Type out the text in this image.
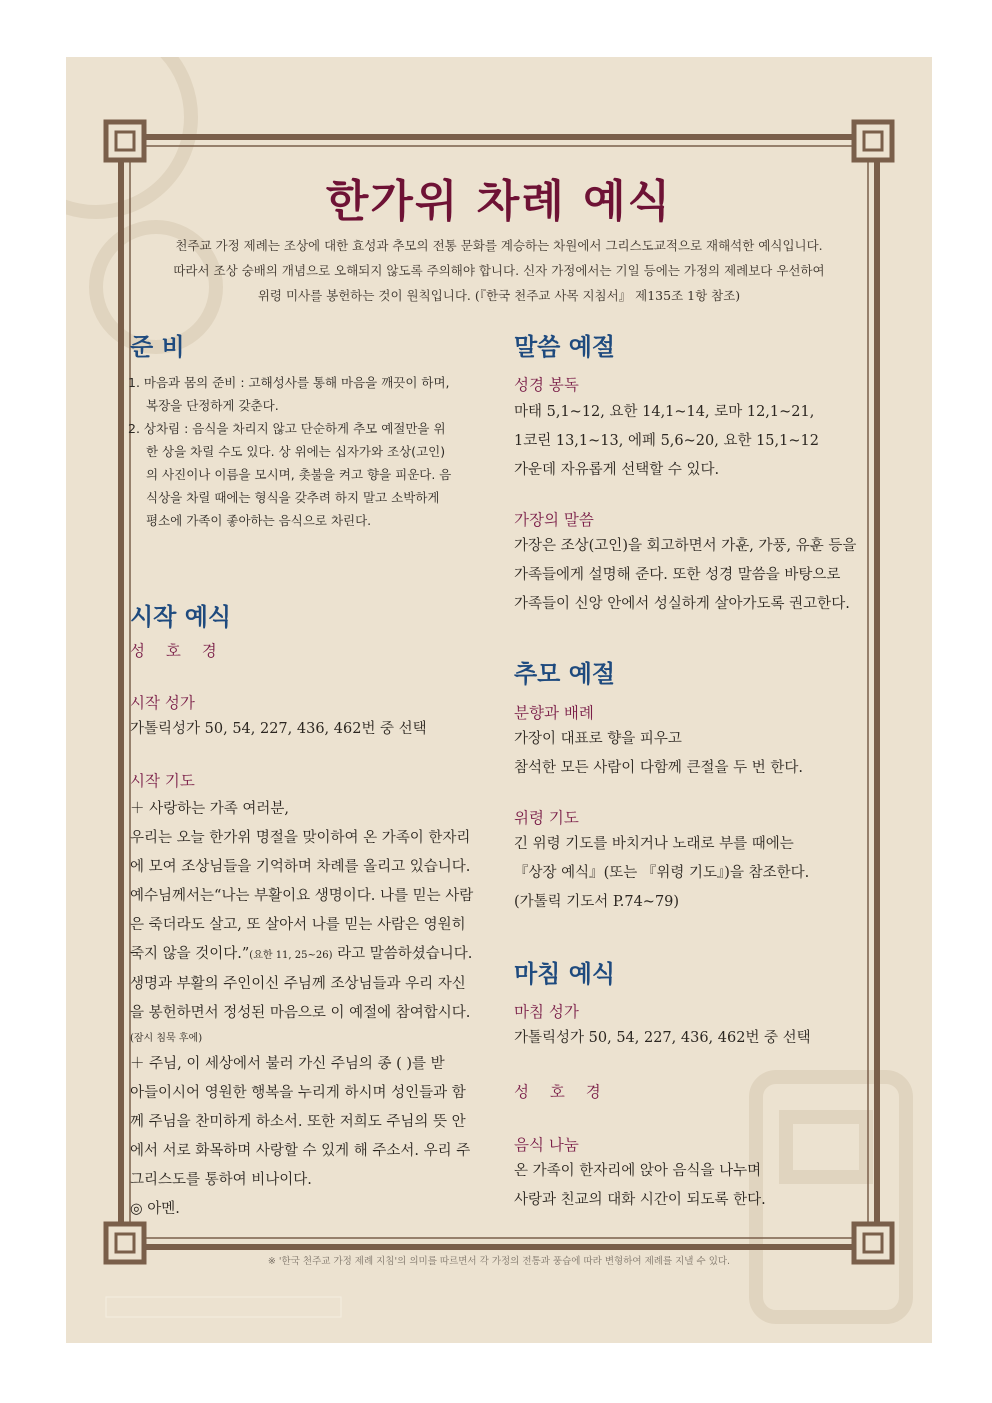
한가위 차례 예식
천주교 가정 제례는 조상에 대한 효성과 추모의 전통 문화를 계승하는 차원에서 그리스도교적으로 재해석한 예식입니다.
따라서 조상 숭배의 개념으로 오해되지 않도록 주의해야 합니다. 신자 가정에서는 기일 등에는 가정의 제례보다 우선하여
위령 미사를 봉헌하는 것이 원칙입니다. (『한국 천주교 사목 지침서』 제135조 1항 참조)
준 비
1. 마음과 몸의 준비 : 고해성사를 통해 마음을 깨끗이 하며,
복장을 단정하게 갖춘다.
2. 상차림 : 음식을 차리지 않고 단순하게 추모 예절만을 위
한 상을 차릴 수도 있다. 상 위에는 십자가와 조상(고인)
의 사진이나 이름을 모시며, 촛불을 켜고 향을 피운다. 음
식상을 차릴 때에는 형식을 갖추려 하지 말고 소박하게
평소에 가족이 좋아하는 음식으로 차린다.
시작 예식
성 호 경
시작 성가
가톨릭성가 50, 54, 227, 436, 462번 중 선택
시작 기도
＋ 사랑하는 가족 여러분,
우리는 오늘 한가위 명절을 맞이하여 온 가족이 한자리
에 모여 조상님들을 기억하며 차례를 올리고 있습니다.
예수님께서는“나는 부활이요 생명이다. 나를 믿는 사람
은 죽더라도 살고, 또 살아서 나를 믿는 사람은 영원히
죽지 않을 것이다.”(요한 11, 25~26) 라고 말씀하셨습니다.
생명과 부활의 주인이신 주님께 조상님들과 우리 자신
을 봉헌하면서 정성된 마음으로 이 예절에 참여합시다.
(잠시 침묵 후에)
＋ 주님, 이 세상에서 불러 가신 주님의 종 ( )를 받
아들이시어 영원한 행복을 누리게 하시며 성인들과 함
께 주님을 찬미하게 하소서. 또한 저희도 주님의 뜻 안
에서 서로 화목하며 사랑할 수 있게 해 주소서. 우리 주
그리스도를 통하여 비나이다.
◎ 아멘.
말씀 예절
성경 봉독
마태 5,1~12, 요한 14,1~14, 로마 12,1~21,
1코린 13,1~13, 에페 5,6~20, 요한 15,1~12
가운데 자유롭게 선택할 수 있다.
가장의 말씀
가장은 조상(고인)을 회고하면서 가훈, 가풍, 유훈 등을
가족들에게 설명해 준다. 또한 성경 말씀을 바탕으로
가족들이 신앙 안에서 성실하게 살아가도록 권고한다.
추모 예절
분향과 배례
가장이 대표로 향을 피우고
참석한 모든 사람이 다함께 큰절을 두 번 한다.
위령 기도
긴 위령 기도를 바치거나 노래로 부를 때에는
『상장 예식』(또는 『위령 기도』)을 참조한다.
(가톨릭 기도서 P.74~79)
마침 예식
마침 성가
가톨릭성가 50, 54, 227, 436, 462번 중 선택
성 호 경
음식 나눔
온 가족이 한자리에 앉아 음식을 나누며
사랑과 친교의 대화 시간이 되도록 한다.
※ '한국 천주교 가정 제례 지침'의 의미를 따르면서 각 가정의 전통과 풍습에 따라 변형하여 제례를 지낼 수 있다.
